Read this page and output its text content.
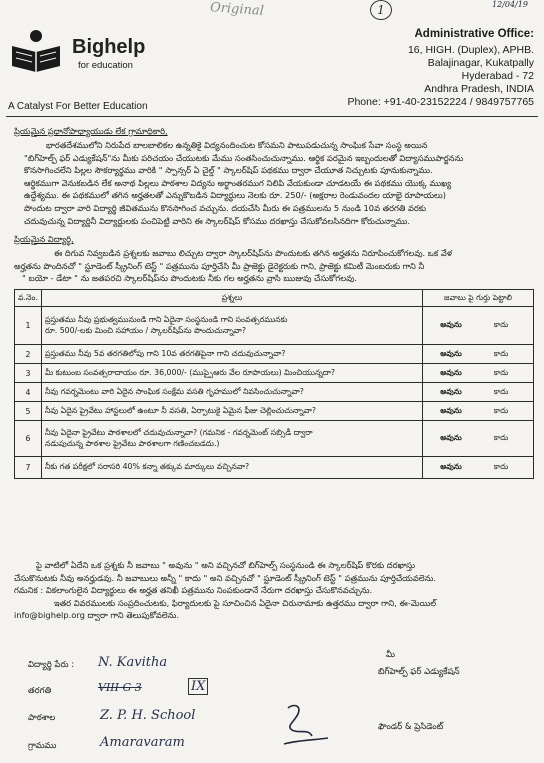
Original	1	12/04/19
Bighelp
for education
A Catalyst For Better Education
Administrative Office:
16, HIGH. (Duplex), APHB.
Balajinagar, Kukatpally
Hyderabad - 72
Andhra Pradesh, INDIA
Phone: +91-40-23152224 / 9849757765
ప్రియమైన ప్రధానోపాధ్యాయుడు లేక గ్రామాధికారి,
భారతదేశములోని నిరుపేద బాలబాలికల ఉన్నతికై విద్యనందించుట కోసమని పాటుపడుచున్న సాంఘిక సేవా సంస్థ అయిన
"బిగ్‌హెల్ప్ ఫర్ ఎడ్యుకేషన్"ను మీకు పరిచయం చేయుటకు మేము సంతసించుచున్నాము. ఆర్థిక పరమైన ఇబ్బందులతో విద్యాసముపార్జనను
కొనసాగించలేని పిల్లల సౌకర్యార్థము వారికి " స్పాన్సర్ ఏ చైల్డ్ " స్కాలర్‌షిప్ పథకము ద్వారా చేయూత నిచ్చుటకు పూనుకున్నాము.
ఆర్థికముగా వెనుకబడిన లేక అనాథ పిల్లలు పాఠశాల విద్యను అర్థాంతరముగ నిలిపి వేయకుండా చూడటయే ఈ పథకము యొక్క ముఖ్య
ఉద్దేశ్యము. ఈ పథకములో తగిన అర్హతలతో ఎన్నుకొబడిన విద్యార్థులు నెలకు రూ. 250/- (అక్షరాల రెండువందల యాభై రూపాయలు)
పొందుట ద్వారా వారి విద్యార్థి జీవితమును కొనసాగించ వచ్చును. దయచేసి మీరు ఈ పత్రములను 5 నుండి 10వ తరగతి వరకు
చదువుచున్న విద్యార్థినీ విద్యార్థులకు పంచిపెట్టి వారిని ఈ స్కాలర్‌షిప్ కోసము దరఖాస్తు చేసుకోవలసినదిగా కోరుచున్నాము.
ప్రియమైన విద్యార్థి,
ఈ దిగువ నివ్వబడిన ప్రశ్నలకు జవాబు లిచ్చుట ద్వారా స్కాలర్‌షిప్‌ను పొందుటకు తగిన అర్హతను నిరూపించుకోగలవు. ఒక వేళ
అర్హతను పొందినచో " స్టూడెంట్ స్క్రీనింగ్ టెస్ట్ " పత్రమును పూర్తిచేసి మీ ప్రాజెక్టు డైరెక్టరుకు గాని, ప్రాజెక్టు కమిటీ మెంబరుకు గాని నీ
" బయో - డేటా " ను జతపరచి స్కాలర్‌షిప్‌ను పొందుటకు నీకు గల అర్హతను వ్రాసి ఋజువు చేసుకోగలవు.
వ.నెం.	ప్రశ్నలు	జవాబు పై గుర్తు పెట్టాలి
1	ప్రస్తుతము నీవు ప్రభుత్వమునుండి గాని ఏదైనా సంస్థనుండి గాని సంవత్సరమునకు
రూ. 500/-లకు మించి సహాయం / స్కాలర్‌షిప్‌ను పొందుచున్నావా?	అవును కాదు
2	ప్రస్తుతము నీవు 5వ తరగతిలోపు గాని 10వ తరగతిపైనా గాని చదువుచున్నావా?	అవును కాదు
3	మీ కుటుంబ సంవత్సరాదాయం రూ. 36,000/- (ముప్పైఆరు వేల రూపాయలు) మించియున్నదా?	అవును కాదు
4	నీవు గవర్నమెంటు వారి ఏదైన సాంఘిక సంక్షేమ వసతి గృహములో నివసించుచున్నావా?	అవును కాదు
5	నీవు ఏదైన ప్రైవేటు హాస్టలులో ఉంటూ నీ వసతి, ఏర్పాటుకై ఏమైన ఫీజు చెల్లించుచున్నావా?	అవును కాదు
6	నీవు ఏదైనా ప్రైవేటు పాఠశాలలో చదువుచున్నావా? (గమనిక - గవర్నమెంట్ సబ్సిడీ ద్వారా
నడుపుచున్న పాఠశాల ప్రైవేటు పాఠశాలగా గణించబడదు.)	అవును కాదు
7	నీకు గత పరీక్షలో సరాసరి 40% కన్నా తక్కువ మార్కులు వచ్చినవా?	అవును కాదు
పై వాటిలో ఏదేని ఒక ప్రశ్నకు నీ జవాబు " అవును " అని వచ్చినచో బిగ్‌హెల్ప్ సంస్థనుండి ఈ స్కాలర్‌షిప్ కొరకు దరఖాస్తు
చేసుకొనుటకు నీవు అనర్హుడవు. నీ జవాబులు అన్నీ " కాదు " అని వచ్చినచో " స్టూడెంట్ స్క్రీనింగ్ టెస్ట్ " పత్రమును పూర్తిచేయవలెను.
గమనిక : వికలాంగులైన విద్యార్థులు ఈ అర్హత తనిఖీ పత్రమును నింపకుండానే నేరుగా దరఖాస్తు చేసుకొనవచ్చును.
ఇతర వివరములకు సంప్రదించుటకు, ఫిర్యాదులకు పై సూచించిన ఏదైనా చిరునామాకు ఉత్తరము ద్వారా గాని, ఈ-మెయిల్
info@bighelp.org ద్వారా గాని తెలుపుకోవలెను.
విద్యార్థి పేరు : N. Kavitha
తరగతి	VIII G 3	IX
పాఠశాల	Z. P. H. School
గ్రామము	Amaravaram
మీ
బిగ్‌హెల్ప్ ఫర్ ఎడ్యుకేషన్
ఫౌండర్ & ప్రెసిడెంట్
